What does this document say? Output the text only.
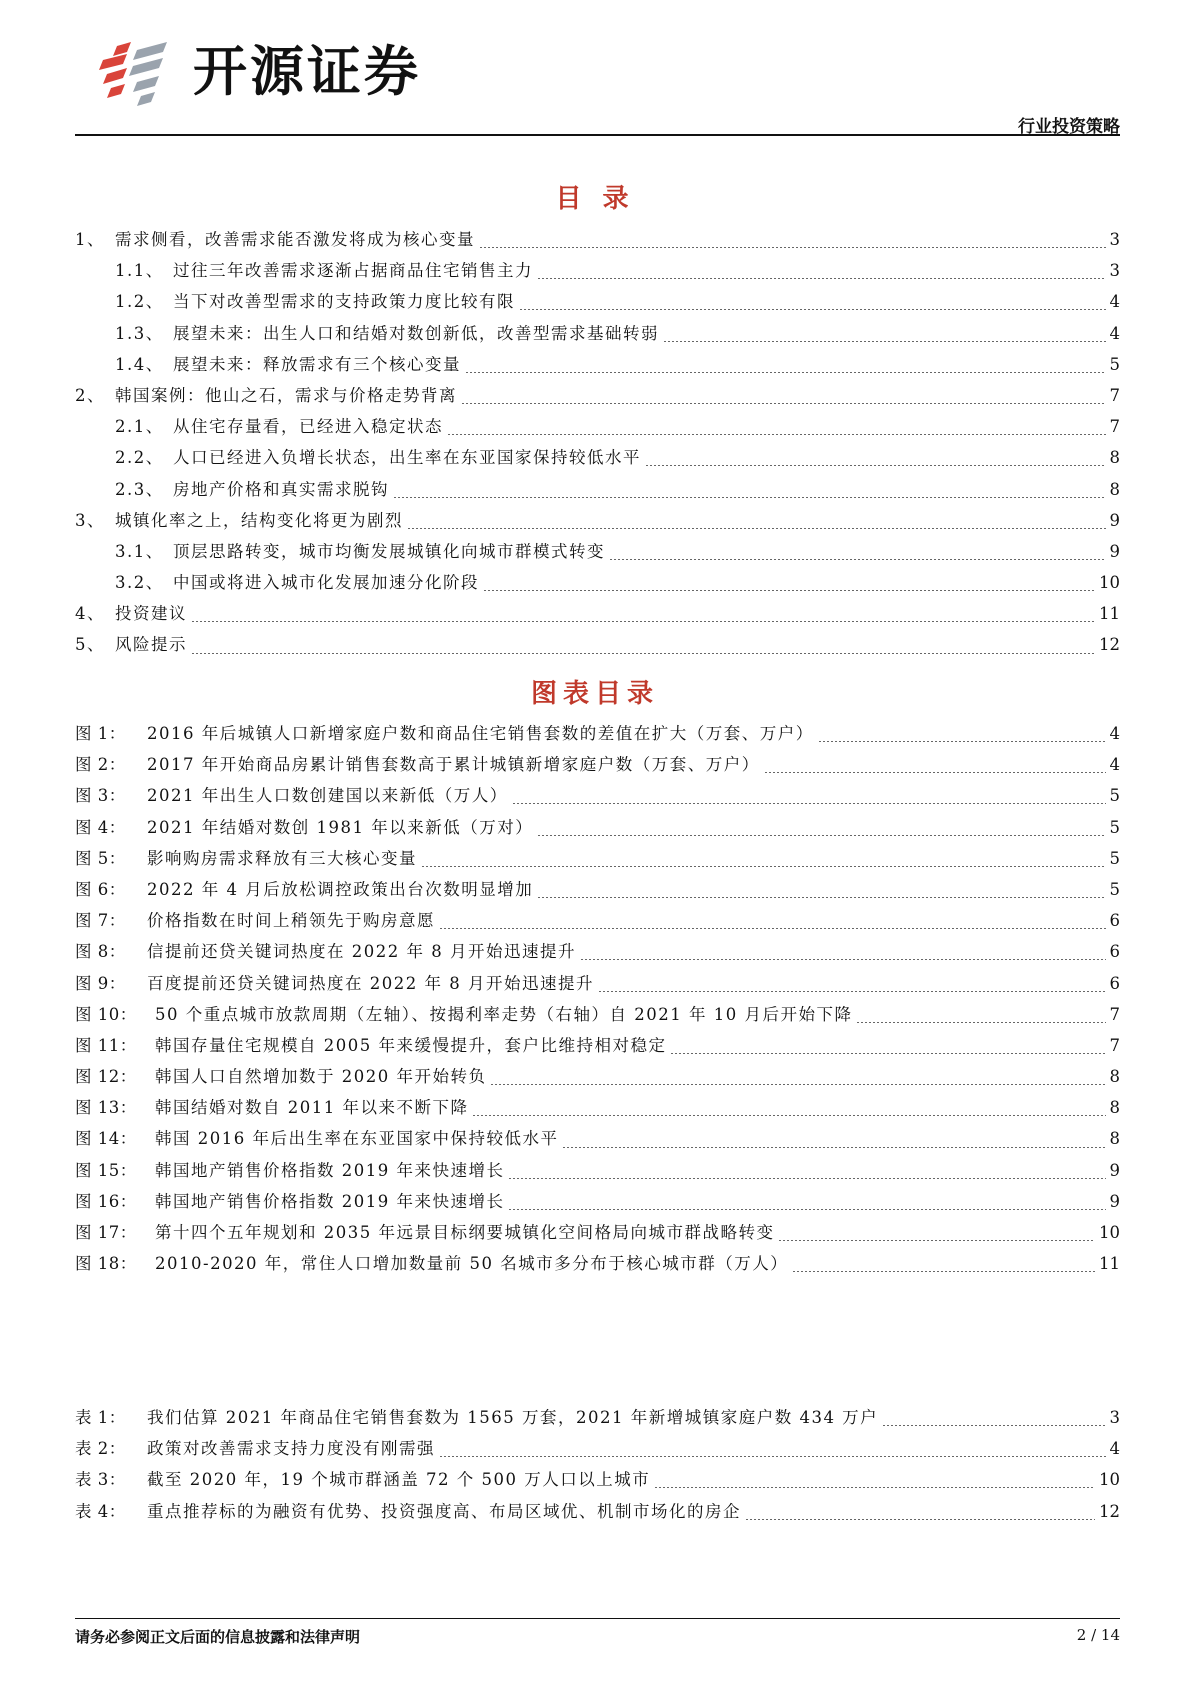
开源证券
行业投资策略
目 录
1、 需求侧看，改善需求能否激发将成为核心变量	3
1.1、 过往三年改善需求逐渐占据商品住宅销售主力	3
1.2、 当下对改善型需求的支持政策力度比较有限	4
1.3、 展望未来：出生人口和结婚对数创新低，改善型需求基础转弱	4
1.4、 展望未来：释放需求有三个核心变量	5
2、 韩国案例：他山之石，需求与价格走势背离	7
2.1、 从住宅存量看，已经进入稳定状态	7
2.2、 人口已经进入负增长状态，出生率在东亚国家保持较低水平	8
2.3、 房地产价格和真实需求脱钩	8
3、 城镇化率之上，结构变化将更为剧烈	9
3.1、 顶层思路转变，城市均衡发展城镇化向城市群模式转变	9
3.2、 中国或将进入城市化发展加速分化阶段	10
4、 投资建议	11
5、 风险提示	12
图表目录
图 1：	2016 年后城镇人口新增家庭户数和商品住宅销售套数的差值在扩大（万套、万户）	4
图 2：	2017 年开始商品房累计销售套数高于累计城镇新增家庭户数（万套、万户）	4
图 3：	2021 年出生人口数创建国以来新低（万人）	5
图 4：	2021 年结婚对数创 1981 年以来新低（万对）	5
图 5：	影响购房需求释放有三大核心变量	5
图 6：	2022 年 4 月后放松调控政策出台次数明显增加	5
图 7：	价格指数在时间上稍领先于购房意愿	6
图 8：	信提前还贷关键词热度在 2022 年 8 月开始迅速提升	6
图 9：	百度提前还贷关键词热度在 2022 年 8 月开始迅速提升	6
图 10：	50 个重点城市放款周期（左轴）、按揭利率走势（右轴）自 2021 年 10 月后开始下降	7
图 11：	韩国存量住宅规模自 2005 年来缓慢提升，套户比维持相对稳定	7
图 12：	韩国人口自然增加数于 2020 年开始转负	8
图 13：	韩国结婚对数自 2011 年以来不断下降	8
图 14：	韩国 2016 年后出生率在东亚国家中保持较低水平	8
图 15：	韩国地产销售价格指数 2019 年来快速增长	9
图 16：	韩国地产销售价格指数 2019 年来快速增长	9
图 17：	第十四个五年规划和 2035 年远景目标纲要城镇化空间格局向城市群战略转变	10
图 18：	2010-2020 年，常住人口增加数量前 50 名城市多分布于核心城市群（万人）	11
表 1：	我们估算 2021 年商品住宅销售套数为 1565 万套，2021 年新增城镇家庭户数 434 万户	3
表 2：	政策对改善需求支持力度没有刚需强	4
表 3：	截至 2020 年，19 个城市群涵盖 72 个 500 万人口以上城市	10
表 4：	重点推荐标的为融资有优势、投资强度高、布局区域优、机制市场化的房企	12
请务必参阅正文后面的信息披露和法律声明	2 / 14
